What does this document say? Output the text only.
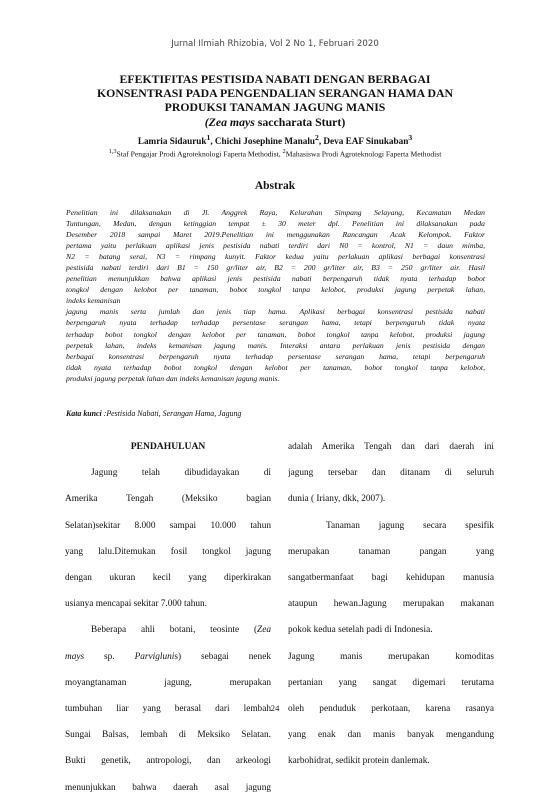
Jurnal Ilmiah Rhizobia, Vol 2 No 1, Februari 2020
EFEKTIFITAS PESTISIDA NABATI DENGAN BERBAGAI
KONSENTRASI PADA PENGENDALIAN SERANGAN HAMA DAN
PRODUKSI TANAMAN JAGUNG MANIS
(Zea mays saccharata Sturt)
Lamria Sidauruk$^1$, Chichi Josephine Manalu$^2$, Deva EAF Sinukaban$^3$
$^{1,3}$Staf Pengajar Prodi Agroteknologi Faperta Methodist, $^2$Mahasiswa Prodi Agroteknologi Faperta Methodist
Abstrak

Penelitian ini dilaksanakan di Jl. Anggrek Raya, Kelurahan Simpang Selayang, Kecamatan Medan

Tuntungan, Medan, dengan ketinggian tempat ± 30 meter dpl. Penelitian ini dilaksanakan pada

Desember 2018 sampai Maret 2019.Penelitian ini menggunakan Rancangan Acak Kelompok. Faktor

pertama yaitu perlakuan aplikasi jenis pestisida nabati terdiri dari N0 = kontrol, N1 = daun mimba,

N2 = batang serai, N3 = rimpang kunyit. Faktor kedua yaitu perlakuan aplikasi berbagai konsentrasi

pestisida nabati terdiri dari B1 = 150 gr/liter air, B2 = 200 gr/liter air, B3 = 250 gr/liter air. Hasil

penelitian menunjukkan bahwa aplikasi jenis pestisida nabati berpengaruh tidak nyata terhadap bobot

tongkol dengan kelobot per tanaman, bobot tongkol tanpa kelobot, produksi jagung perpetak lahan,

indeks kemanisan

jagung manis serta jumlah dan jenis tiap hama. Aplikasi berbagai konsentrasi pestisida nabati

berpengaruh nyata terhadap terhadap persentase serangan hama, tetapi berpengaruh tidak nyata

terhadap bobot tongkol dengan kelobot per tanaman, bobot tongkol tanpa kelobot, produksi jagung

perpetak lahan, indeks kemanisan jagung manis. Interaksi antara perlakuan jenis pestisida dengan

berbagai konsentrasi berpengaruh nyata terhadap persentase serangan hama, tetapi berpengaruh

tidak nyata terhadap bobot tongkol dengan kelobot per tanaman, bobot tongkol tanpa kelobot,

produksi jagung perpetak lahan dan indeks kemanisan jagung manis.

Kata kunci :Pestisida Nabati, Serangan Hama, Jagung
PENDAHULUAN
Jagung telah dibudidayakan di
Amerika Tengah (Meksiko bagian
Selatan)sekitar 8.000 sampai 10.000 tahun
yang lalu.Ditemukan fosil tongkol jagung
dengan ukuran kecil yang diperkirakan
usianya mencapai sekitar 7.000 tahun.
Beberapa ahli botani, teosinte (Zea
mays sp. Parviglunis) sebagai nenek
moyangtanaman jagung, merupakan
tumbuhan liar yang berasal dari lembah
Sungai Balsas, lembah di Meksiko Selatan.
Bukti genetik, antropologi, dan arkeologi
menunjukkan bahwa daerah asal jagung
adalah Amerika Tengah dan dari daerah ini
jagung tersebar dan ditanam di seluruh
dunia ( Iriany, dkk, 2007).
Tanaman jagung secara spesifik
merupakan tanaman pangan yang
sangatbermanfaat bagi kehidupan manusia
ataupun hewan.Jagung merupakan makanan
pokok kedua setelah padi di Indonesia.
Jagung manis merupakan komoditas
pertanian yang sangat digemari terutama
oleh penduduk perkotaan, karena rasanya
yang enak dan manis banyak mengandung
karbohidrat, sedikit protein danlemak.
24
